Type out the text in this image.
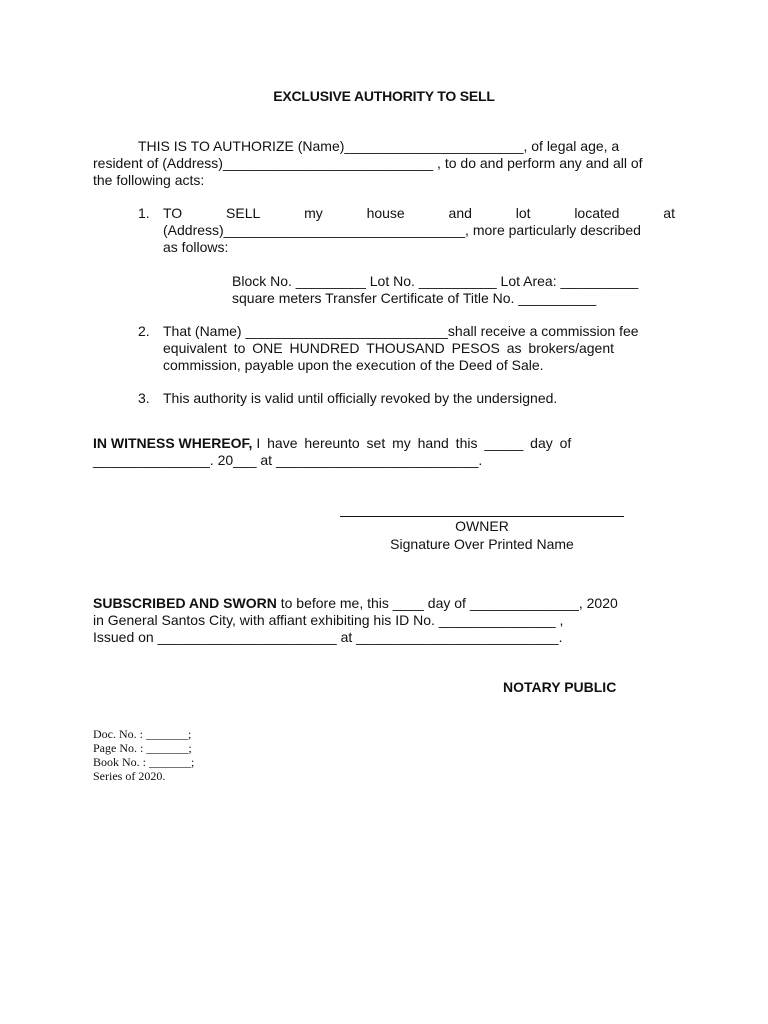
EXCLUSIVE AUTHORITY TO SELL
THIS IS TO AUTHORIZE (Name)_______________________, of legal age, a
resident of (Address)___________________________ , to do and perform any and all of
the following acts:
1. TO	SELL	my	house	and	lot	located	at
(Address)_______________________________, more particularly described
as follows:
Block No. _________ Lot No. __________ Lot Area: __________
square meters Transfer Certificate of Title No. __________
2. That (Name) __________________________shall receive a commission fee
equivalent to ONE HUNDRED THOUSAND PESOS as brokers/agent
commission, payable upon the execution of the Deed of Sale.
3. This authority is valid until officially revoked by the undersigned.
IN WITNESS WHEREOF, I have hereunto set my hand this _____ day of
_______________. 20___ at __________________________.
OWNER
Signature Over Printed Name
SUBSCRIBED AND SWORN to before me, this ____ day of ______________, 2020
in General Santos City, with affiant exhibiting his ID No. _______________ ,
Issued on _______________________ at __________________________.
NOTARY PUBLIC
Doc. No. : _______;
Page No. : _______;
Book No. : _______;
Series of 2020.
